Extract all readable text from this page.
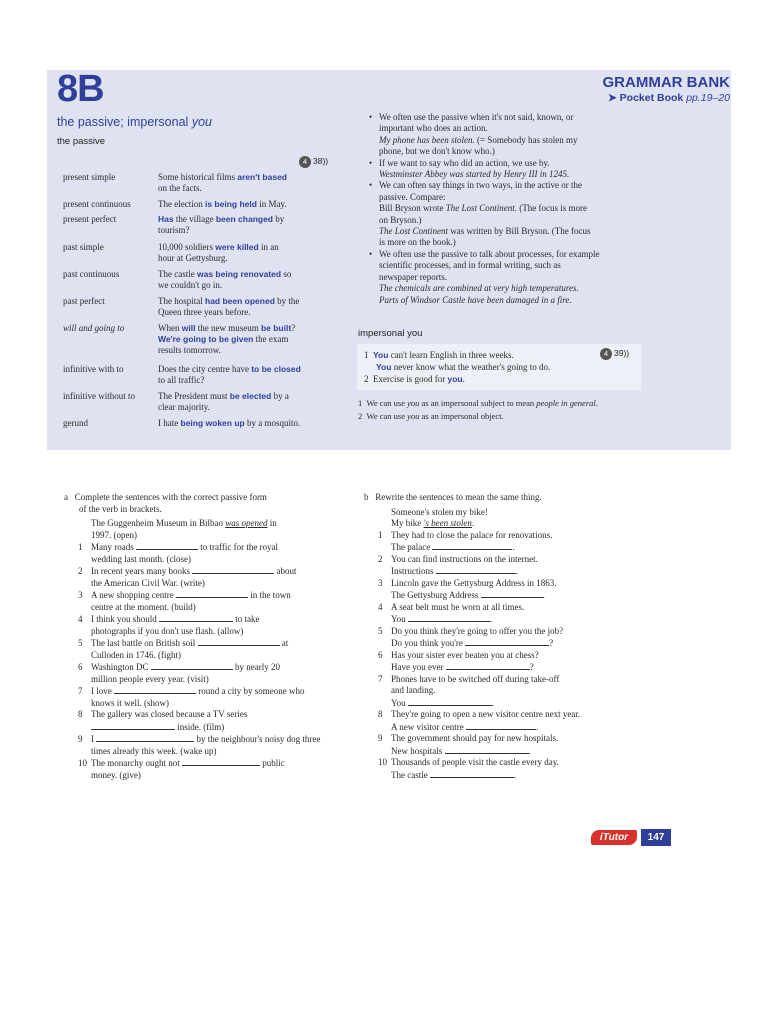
8B	GRAMMAR BANK
➤ Pocket Book pp.19–20
the passive; impersonal you
the passive
4 38))
present simple	Some historical films aren't based
on the facts.
present continuous	The election is being held in May.
present perfect	Has the village been changed by
tourism?
past simple	10,000 soldiers were killed in an
hour at Gettysburg.
past continuous	The castle was being renovated so
we couldn't go in.
past perfect	The hospital had been opened by the
Queen three years before.
will and going to	When will the new museum be built?
We're going to be given the exam
results tomorrow.
infinitive with to	Does the city centre have to be closed
to all traffic?
infinitive without to	The President must be elected by a
clear majority.
gerund	I hate being woken up by a mosquito.
• We often use the passive when it's not said, known, or
important who does an action.
My phone has been stolen. (= Somebody has stolen my
phone, but we don't know who.)
• If we want to say who did an action, we use by.
Westminster Abbey was started by Henry III in 1245.
• We can often say things in two ways, in the active or the
passive. Compare:
Bill Bryson wrote The Lost Continent. (The focus is more
on Bryson.)
The Lost Continent was written by Bill Bryson. (The focus
is more on the book.)
• We often use the passive to talk about processes, for example
scientific processes, and in formal writing, such as
newspaper reports.
The chemicals are combined at very high temperatures.
Parts of Windsor Castle have been damaged in a fire.
impersonal you
4 39))
1 You can't learn English in three weeks.
You never know what the weather's going to do.
2 Exercise is good for you.
1 We can use you as an impersonal subject to mean people in general.
2 We can use you as an impersonal object.
a Complete the sentences with the correct passive form
of the verb in brackets.
The Guggenheim Museum in Bilbao was opened in
1997. (open)
1 Many roads	to traffic for the royal
wedding last month. (close)
2 In recent years many books	about
the American Civil War. (write)
3 A new shopping centre	in the town
centre at the moment. (build)
4 I think you should	to take
photographs if you don't use flash. (allow)
5 The last battle on British soil	at
Culloden in 1746. (fight)
6 Washington DC	by nearly 20
million people every year. (visit)
7 I love	round a city by someone who
knows it well. (show)
8 The gallery was closed because a TV series
inside. (film)
9 I	by the neighbour's noisy dog three
times already this week. (wake up)
10 The monarchy ought not	public
money. (give)
b Rewrite the sentences to mean the same thing.
Someone's stolen my bike!
My bike 's been stolen.
1 They had to close the palace for renovations.
The palace	.
2 You can find instructions on the internet.
Instructions	.
3 Lincoln gave the Gettysburg Address in 1863.
The Gettysburg Address	.
4 A seat belt must be worn at all times.
You	.
5 Do you think they're going to offer you the job?
Do you think you're	?
6 Has your sister ever beaten you at chess?
Have you ever	?
7 Phones have to be switched off during take-off
and landing.
You	.
8 They're going to open a new visitor centre next year.
A new visitor centre	.
9 The government should pay for new hospitals.
New hospitals	.
10 Thousands of people visit the castle every day.
The castle	.
iTutor	147
